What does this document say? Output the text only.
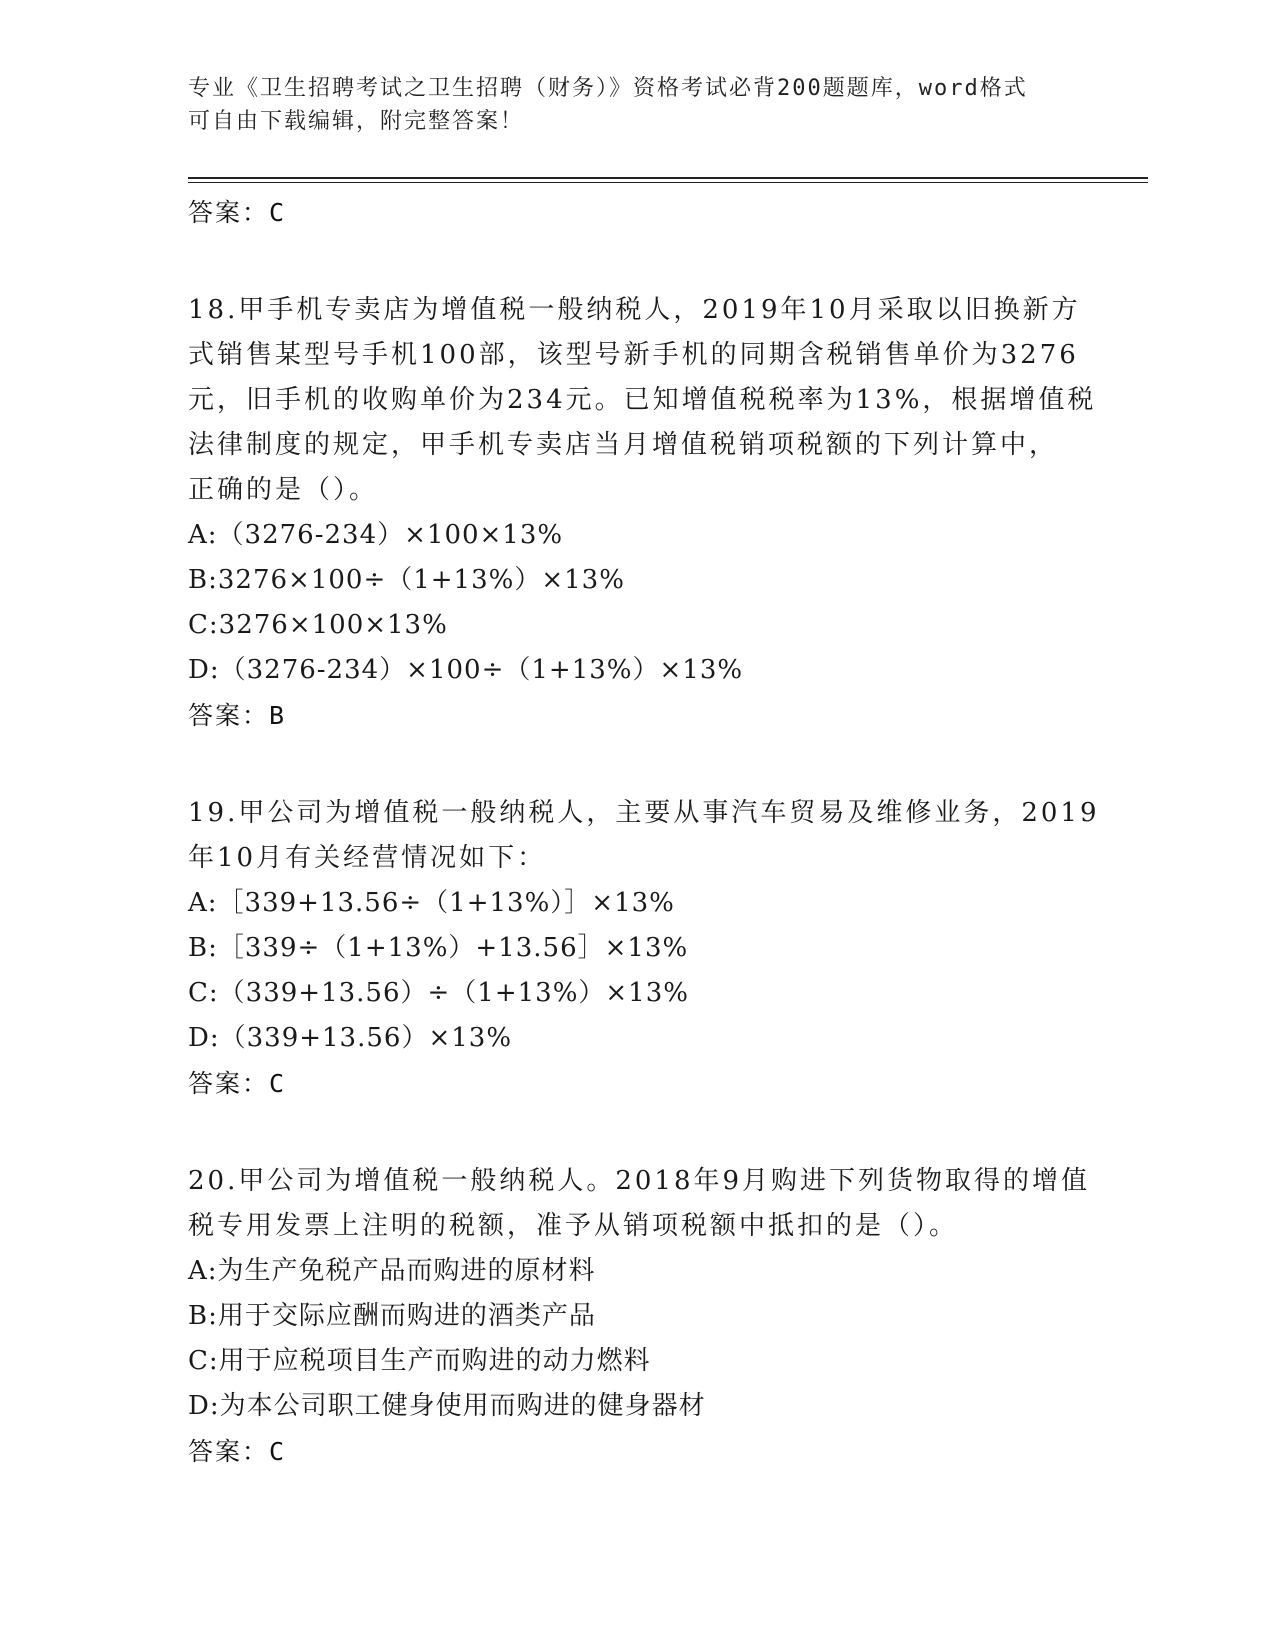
专业《卫生招聘考试之卫生招聘（财务）》资格考试必背200题题库，word格式
可自由下载编辑，附完整答案！
答案：C
18.甲手机专卖店为增值税一般纳税人，2019年10月采取以旧换新方
式销售某型号手机100部，该型号新手机的同期含税销售单价为3276
元，旧手机的收购单价为234元。已知增值税税率为13%，根据增值税
法律制度的规定，甲手机专卖店当月增值税销项税额的下列计算中，
正确的是（）。
A:（3276-234）×100×13%
B:3276×100÷（1+13%）×13%
C:3276×100×13%
D:（3276-234）×100÷（1+13%）×13%
答案：B
19.甲公司为增值税一般纳税人，主要从事汽车贸易及维修业务，2019
年10月有关经营情况如下：
A:［339+13.56÷（1+13%）］×13%
B:［339÷（1+13%）+13.56］×13%
C:（339+13.56）÷（1+13%）×13%
D:（339+13.56）×13%
答案：C
20.甲公司为增值税一般纳税人。2018年9月购进下列货物取得的增值
税专用发票上注明的税额，准予从销项税额中抵扣的是（）。
A:为生产免税产品而购进的原材料
B:用于交际应酬而购进的酒类产品
C:用于应税项目生产而购进的动力燃料
D:为本公司职工健身使用而购进的健身器材
答案：C
